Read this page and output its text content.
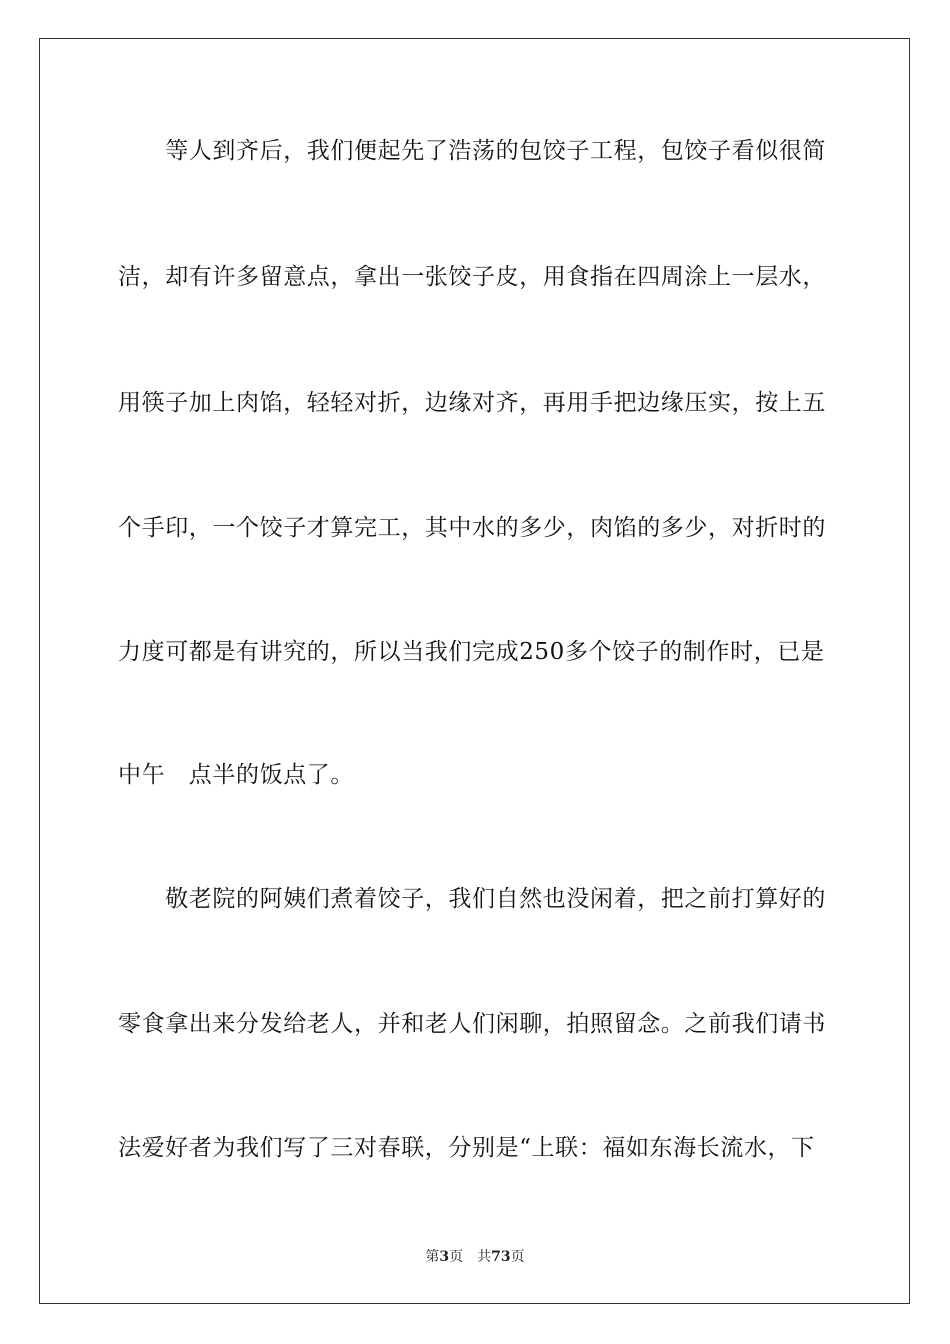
　　等人到齐后，我们便起先了浩荡的包饺子工程，包饺子看似很简
洁，却有许多留意点，拿出一张饺子皮，用食指在四周涂上一层水，
用筷子加上肉馅，轻轻对折，边缘对齐，再用手把边缘压实，按上五
个手印，一个饺子才算完工，其中水的多少，肉馅的多少，对折时的
力度可都是有讲究的，所以当我们完成250多个饺子的制作时，已是
中午　点半的饭点了。
　　敬老院的阿姨们煮着饺子，我们自然也没闲着，把之前打算好的
零食拿出来分发给老人，并和老人们闲聊，拍照留念。之前我们请书
法爱好者为我们写了三对春联，分别是“上联：福如东海长流水，下
第3页  共73页
